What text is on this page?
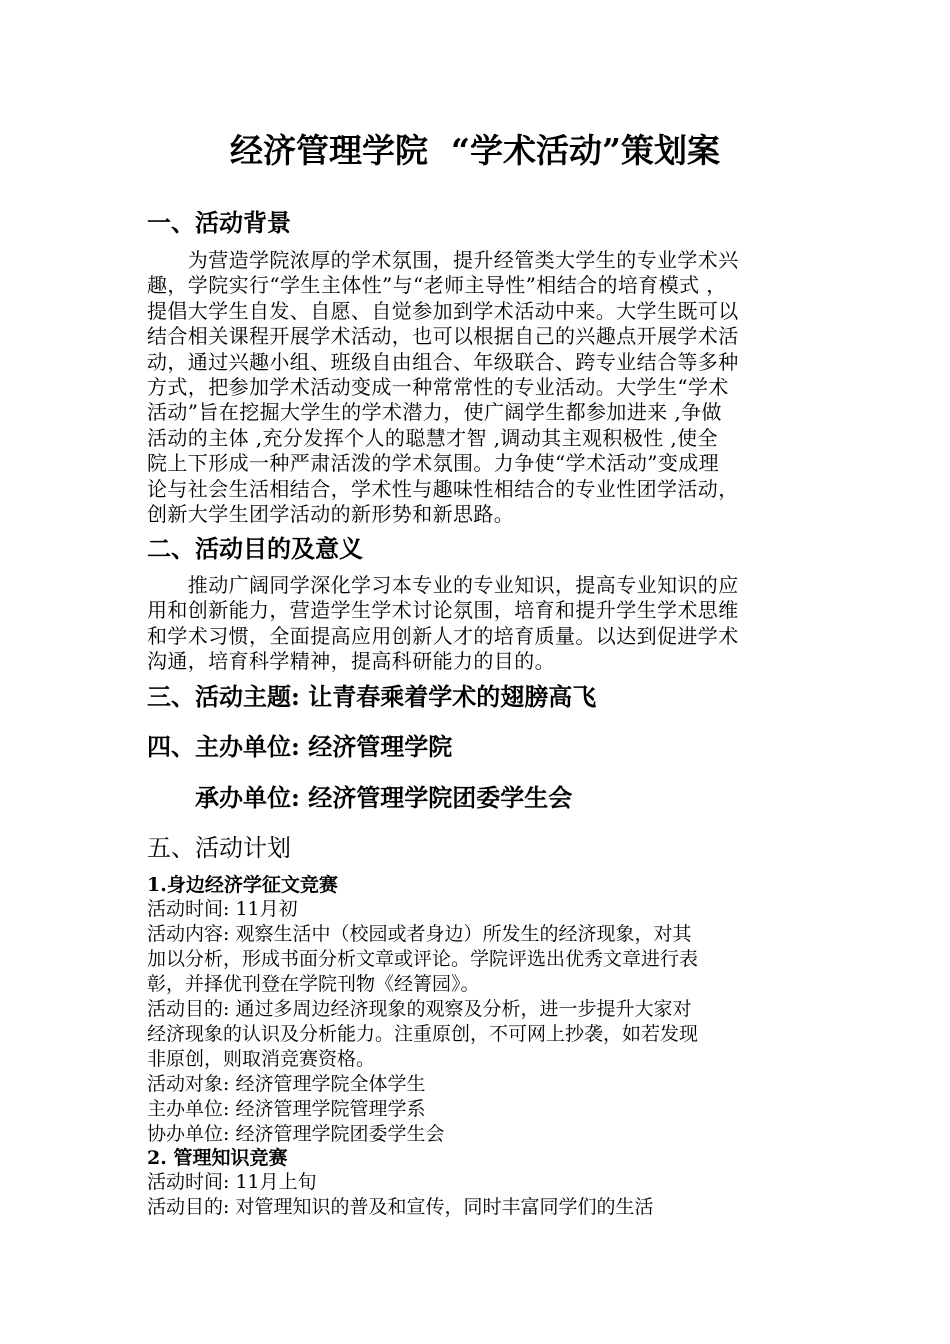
经济管理学院  “学术活动”策划案
一、活动背景
　　为营造学院浓厚的学术氛围，提升经管类大学生的专业学术兴
趣，学院实行“学生主体性”与“老师主导性”相结合的培育模式 ，
提倡大学生自发、自愿、自觉参加到学术活动中来。大学生既可以
结合相关课程开展学术活动，也可以根据自己的兴趣点开展学术活
动，通过兴趣小组、班级自由组合、年级联合、跨专业结合等多种
方式，把参加学术活动变成一种常常性的专业活动。大学生“学术
活动”旨在挖掘大学生的学术潜力，使广阔学生都参加进来 ,争做
活动的主体 ,充分发挥个人的聪慧才智 ,调动其主观积极性 ,使全
院上下形成一种严肃活泼的学术氛围。力争使“学术活动”变成理
论与社会生活相结合，学术性与趣味性相结合的专业性团学活动，
创新大学生团学活动的新形势和新思路。
二、活动目的及意义
　　推动广阔同学深化学习本专业的专业知识，提高专业知识的应
用和创新能力，营造学生学术讨论氛围，培育和提升学生学术思维
和学术习惯，全面提高应用创新人才的培育质量。以达到促进学术
沟通，培育科学精神，提高科研能力的目的。
三、活动主题: 让青春乘着学术的翅膀高飞
四、主办单位: 经济管理学院
　　承办单位: 经济管理学院团委学生会
五、活动计划
1.身边经济学征文竞赛
活动时间: 11月初
活动内容: 观察生活中（校园或者身边）所发生的经济现象，对其
加以分析，形成书面分析文章或评论。学院评选出优秀文章进行表
彰，并择优刊登在学院刊物《经箐园》。
活动目的: 通过多周边经济现象的观察及分析，进一步提升大家对
经济现象的认识及分析能力。注重原创，不可网上抄袭，如若发现
非原创，则取消竞赛资格。
活动对象: 经济管理学院全体学生
主办单位: 经济管理学院管理学系
协办单位: 经济管理学院团委学生会
2. 管理知识竞赛
活动时间: 11月上旬
活动目的: 对管理知识的普及和宣传，同时丰富同学们的生活
